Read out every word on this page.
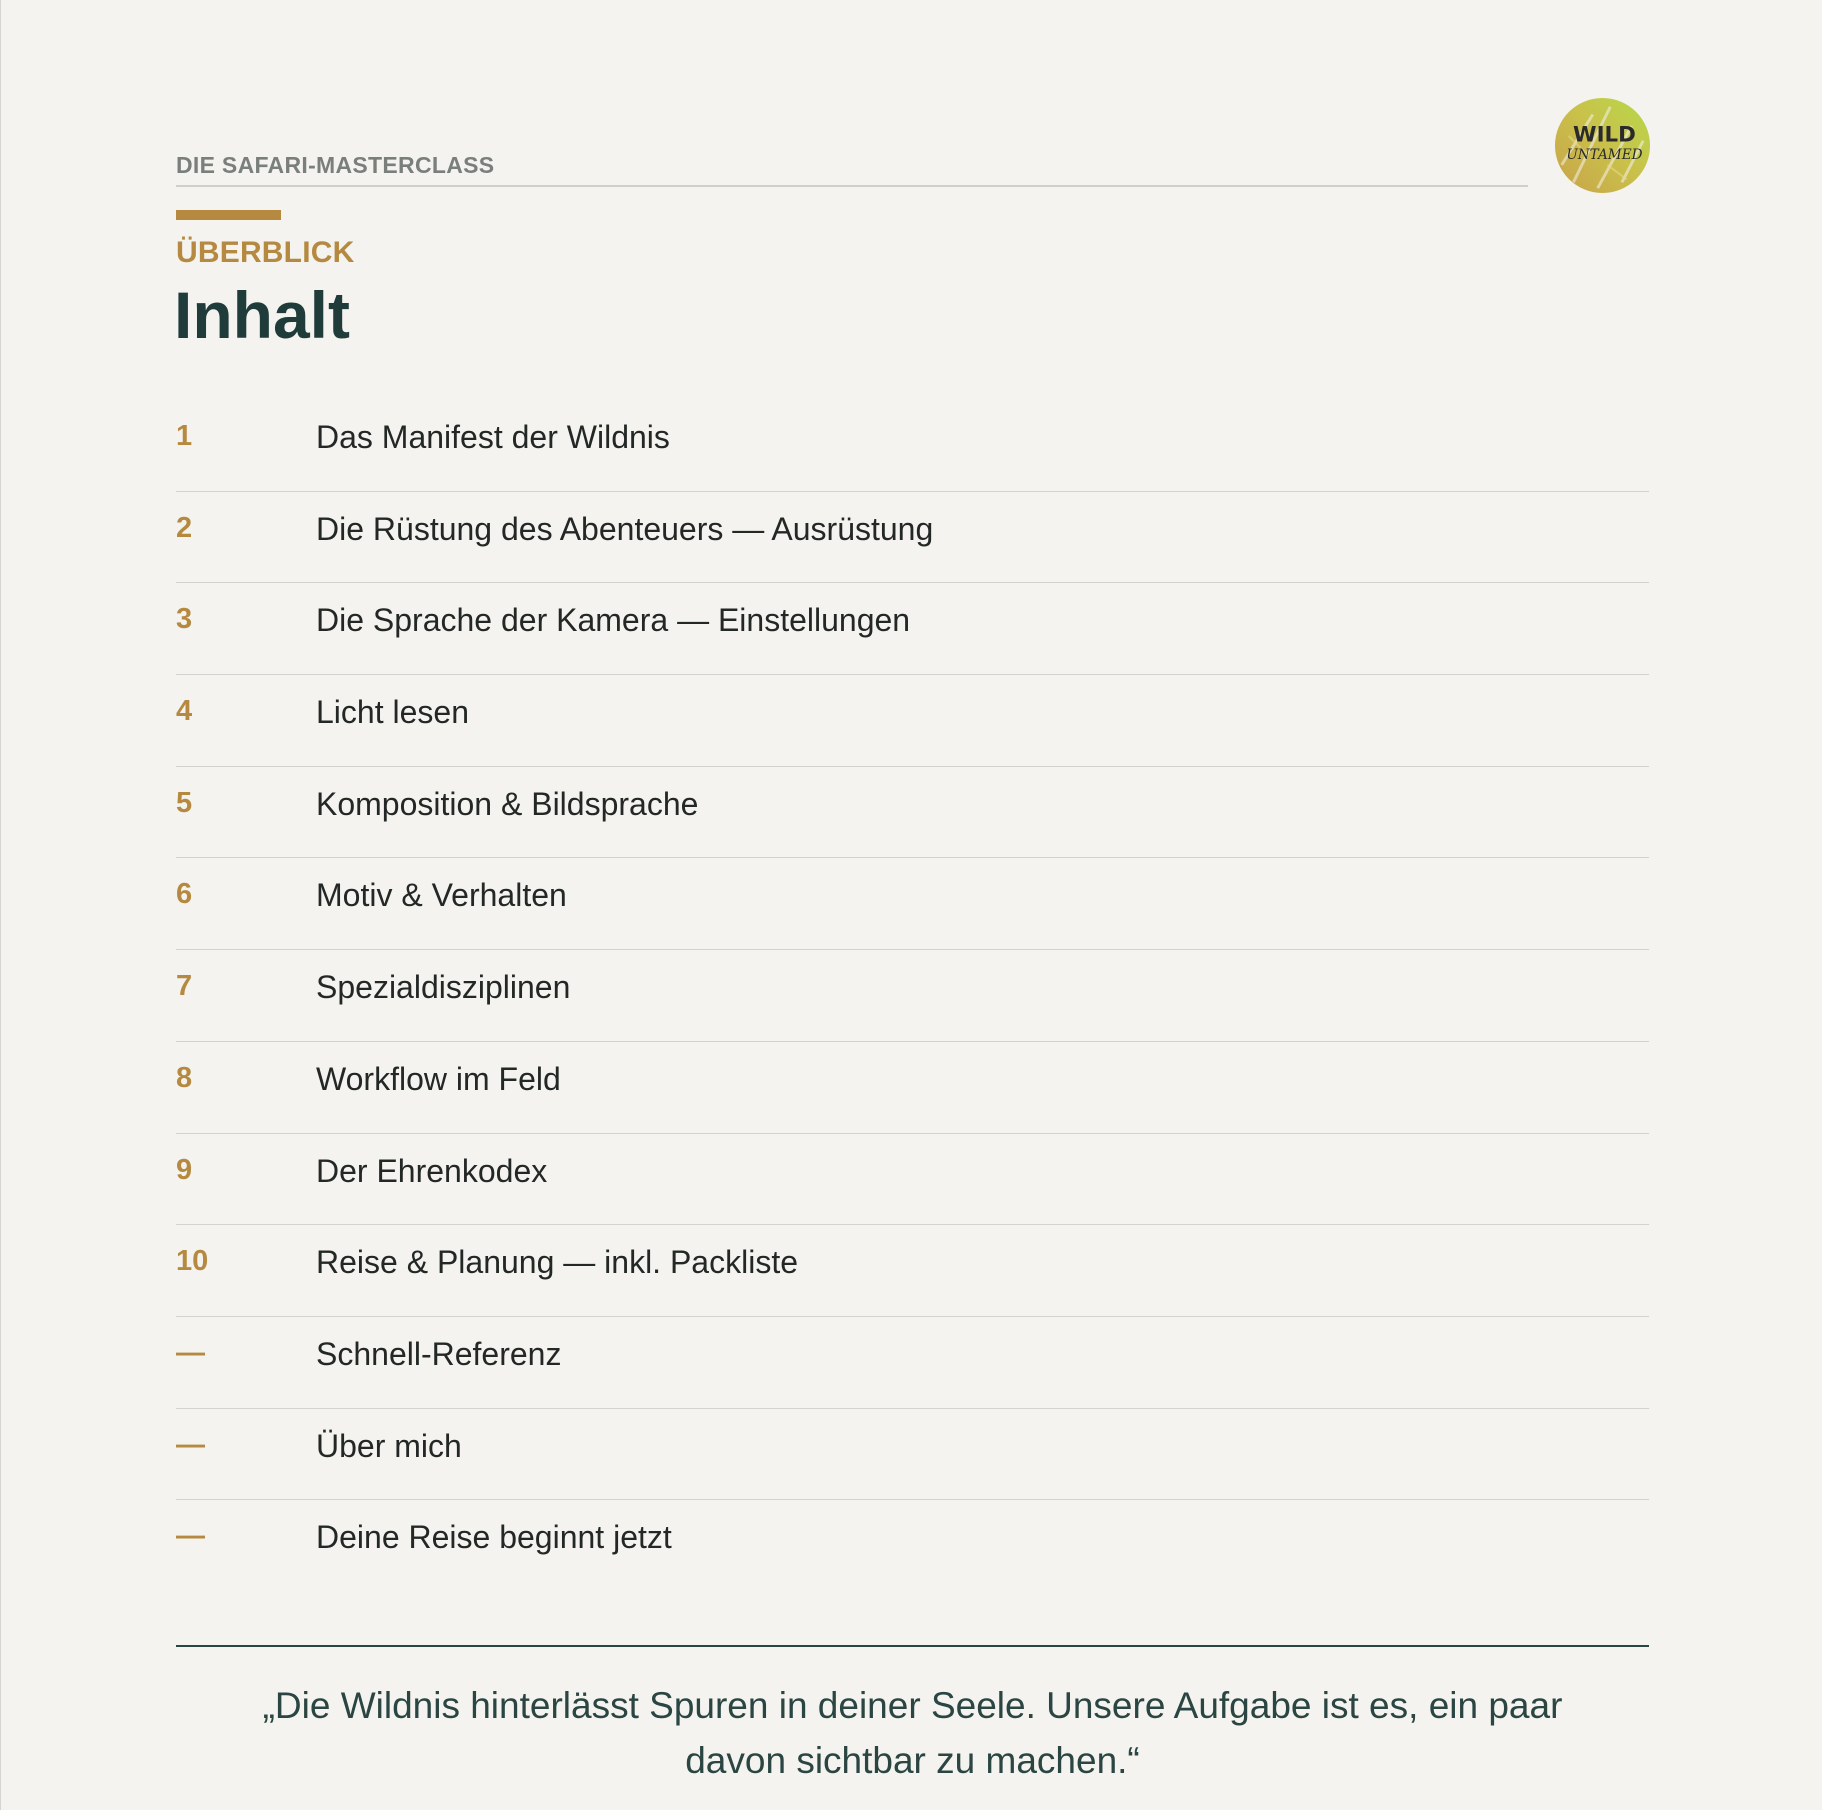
DIE SAFARI-MASTERCLASS
WILD
UNTAMED
ÜBERBLICK
Inhalt
1	Das Manifest der Wildnis
2	Die Rüstung des Abenteuers — Ausrüstung
3	Die Sprache der Kamera — Einstellungen
4	Licht lesen
5	Komposition & Bildsprache
6	Motiv & Verhalten
7	Spezialdisziplinen
8	Workflow im Feld
9	Der Ehrenkodex
10	Reise & Planung — inkl. Packliste
—	Schnell-Referenz
—	Über mich
—	Deine Reise beginnt jetzt
„Die Wildnis hinterlässt Spuren in deiner Seele. Unsere Aufgabe ist es, ein paar
davon sichtbar zu machen.“
